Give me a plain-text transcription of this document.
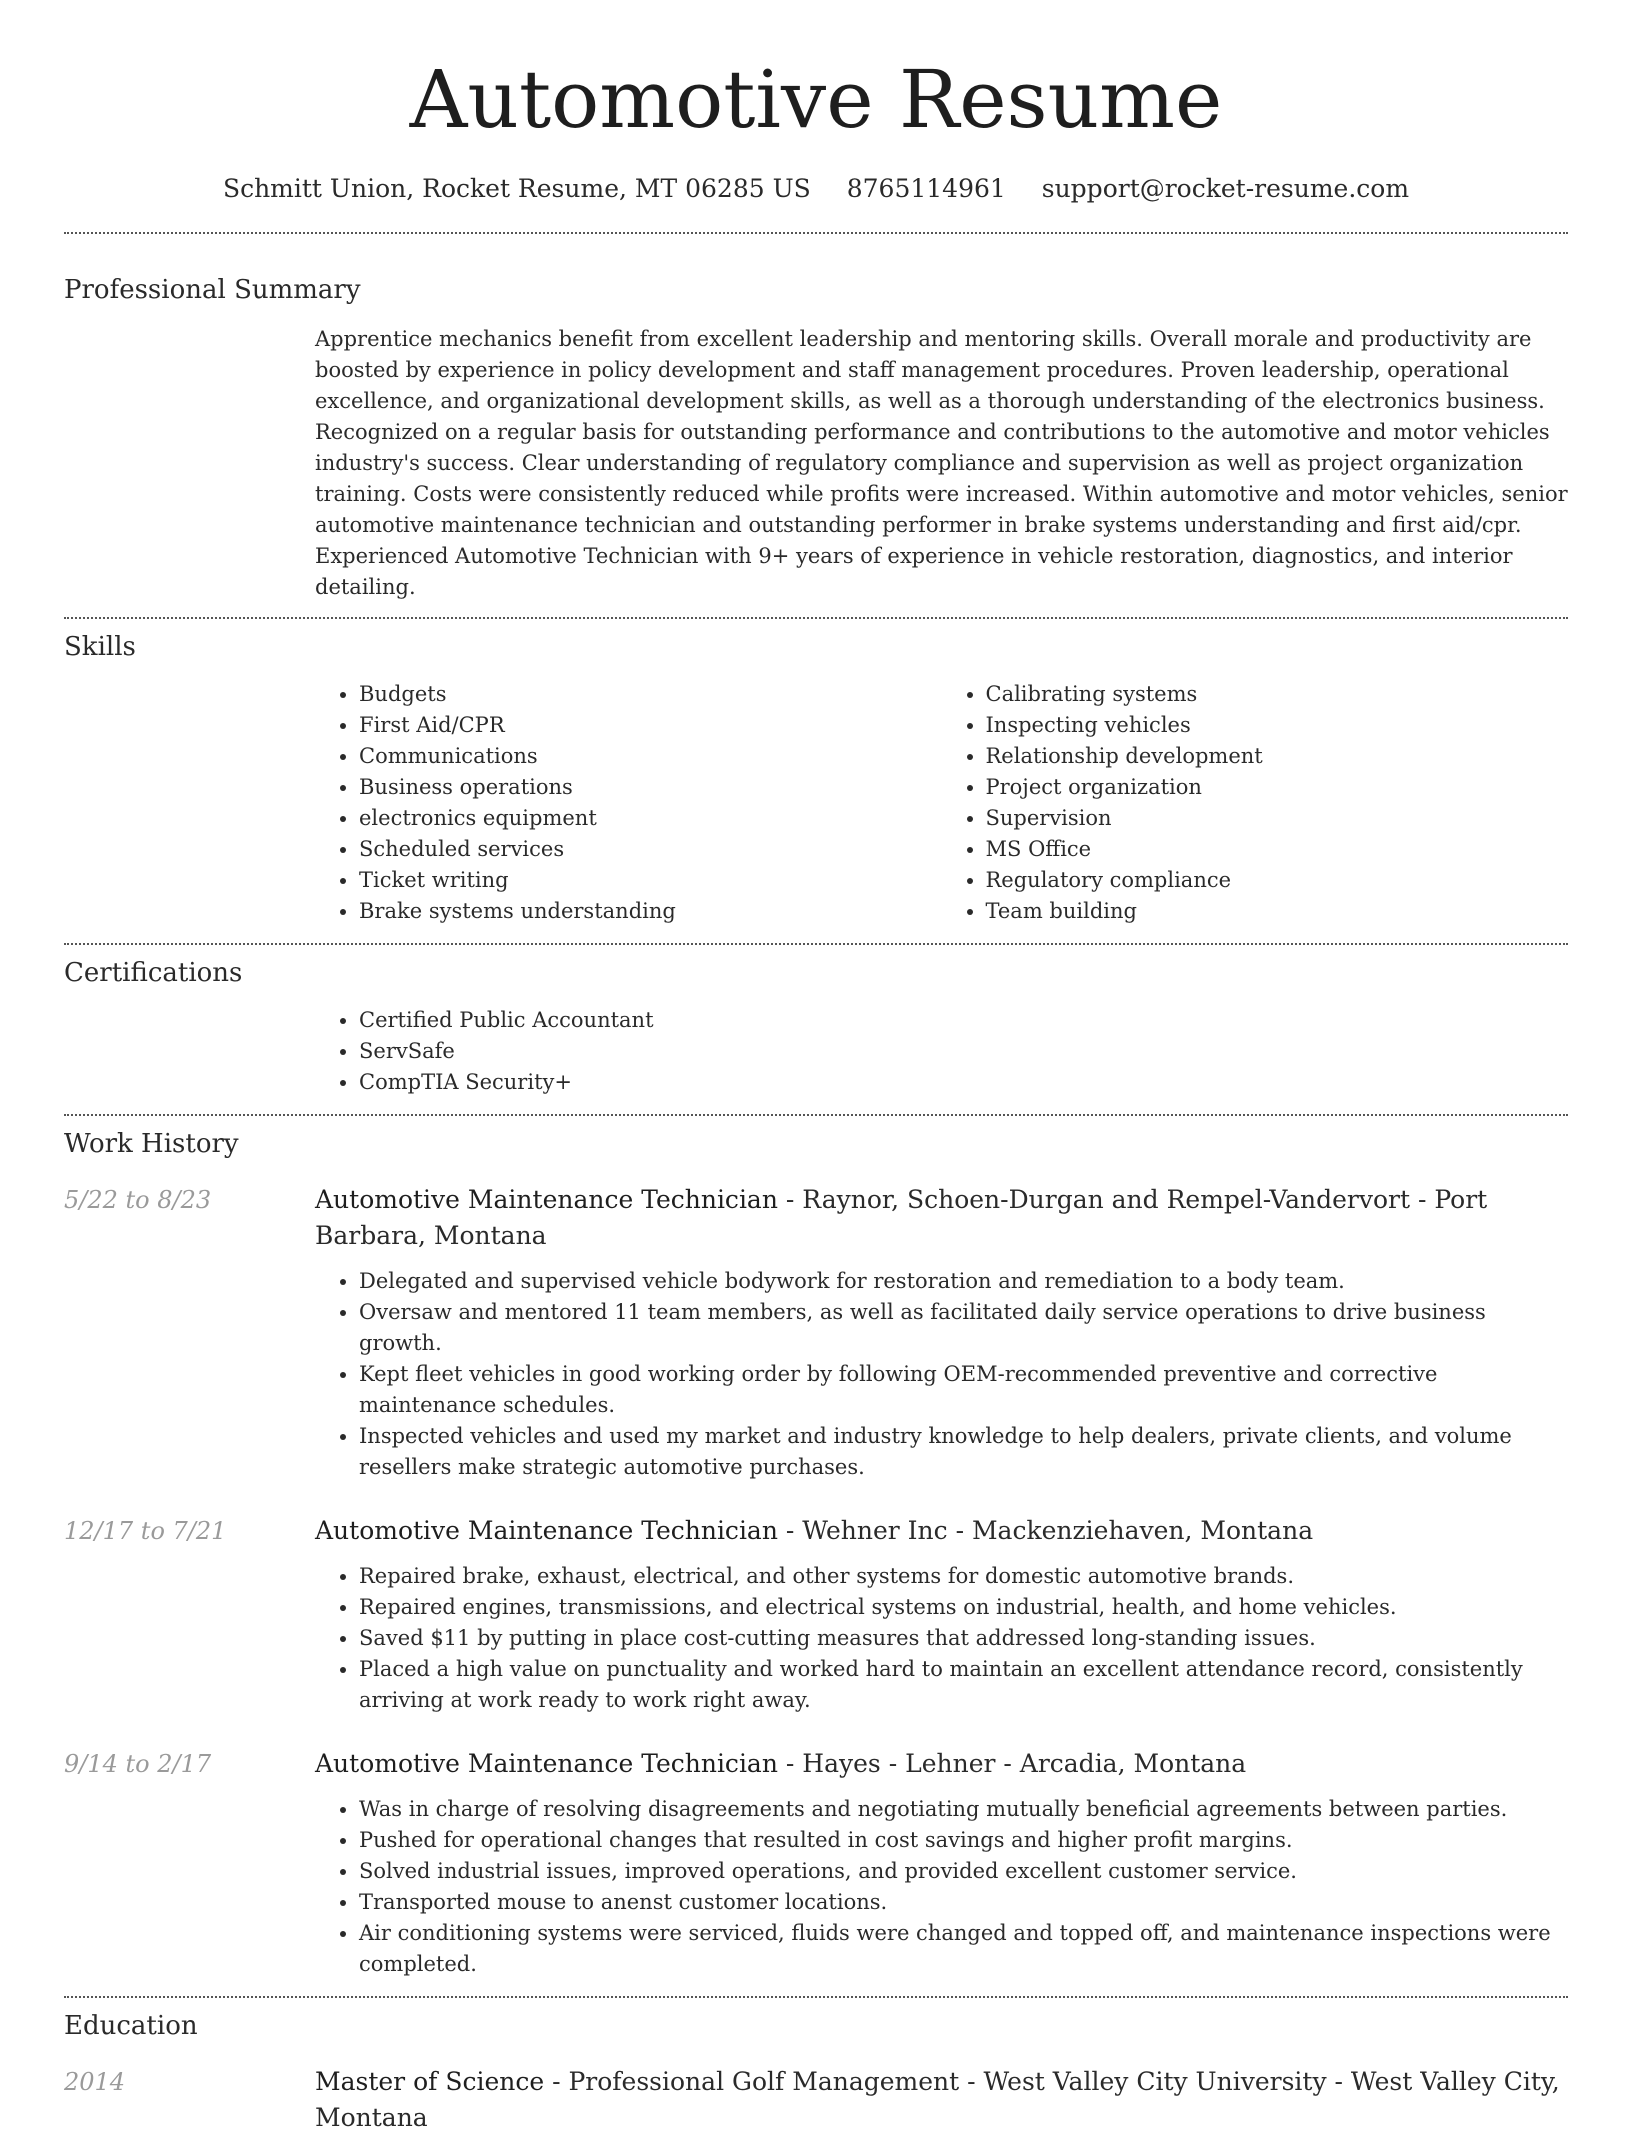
Automotive Resume
Schmitt Union, Rocket Resume, MT 06285 US 8765114961 support@rocket-resume.com
Professional Summary

Apprentice mechanics benefit from excellent leadership and mentoring skills. Overall morale and productivity are boosted by experience in policy development and staff management procedures. Proven leadership, operational excellence, and organizational development skills, as well as a thorough understanding of the electronics business. Recognized on a regular basis for outstanding performance and contributions to the automotive and motor vehicles industry's success. Clear understanding of regulatory compliance and supervision as well as project organization training. Costs were consistently reduced while profits were increased. Within automotive and motor vehicles, senior automotive maintenance technician and outstanding performer in brake systems understanding and first aid/cpr. Experienced Automotive Technician with 9+ years of experience in vehicle restoration, diagnostics, and interior detailing.

Skills
• Budgets
• First Aid/CPR
• Communications
• Business operations
• electronics equipment
• Scheduled services
• Ticket writing
• Brake systems understanding
• Calibrating systems
• Inspecting vehicles
• Relationship development
• Project organization
• Supervision
• MS Office
• Regulatory compliance
• Team building
Certifications
• Certified Public Accountant
• ServSafe
• CompTIA Security+
Work History
5/22 to 8/23	Automotive Maintenance Technician - Raynor, Schoen-Durgan and Rempel-Vandervort - Port Barbara, Montana
• Delegated and supervised vehicle bodywork for restoration and remediation to a body team.
• Oversaw and mentored 11 team members, as well as facilitated daily service operations to drive business growth.
• Kept fleet vehicles in good working order by following OEM-recommended preventive and corrective maintenance schedules.
• Inspected vehicles and used my market and industry knowledge to help dealers, private clients, and volume resellers make strategic automotive purchases.
12/17 to 7/21	Automotive Maintenance Technician - Wehner Inc - Mackenziehaven, Montana
• Repaired brake, exhaust, electrical, and other systems for domestic automotive brands.
• Repaired engines, transmissions, and electrical systems on industrial, health, and home vehicles.
• Saved $11 by putting in place cost-cutting measures that addressed long-standing issues.
• Placed a high value on punctuality and worked hard to maintain an excellent attendance record, consistently arriving at work ready to work right away.
9/14 to 2/17	Automotive Maintenance Technician - Hayes - Lehner - Arcadia, Montana
• Was in charge of resolving disagreements and negotiating mutually beneficial agreements between parties.
• Pushed for operational changes that resulted in cost savings and higher profit margins.
• Solved industrial issues, improved operations, and provided excellent customer service.
• Transported mouse to anenst customer locations.
• Air conditioning systems were serviced, fluids were changed and topped off, and maintenance inspections were completed.
Education
2014	Master of Science - Professional Golf Management - West Valley City University - West Valley City, Montana
